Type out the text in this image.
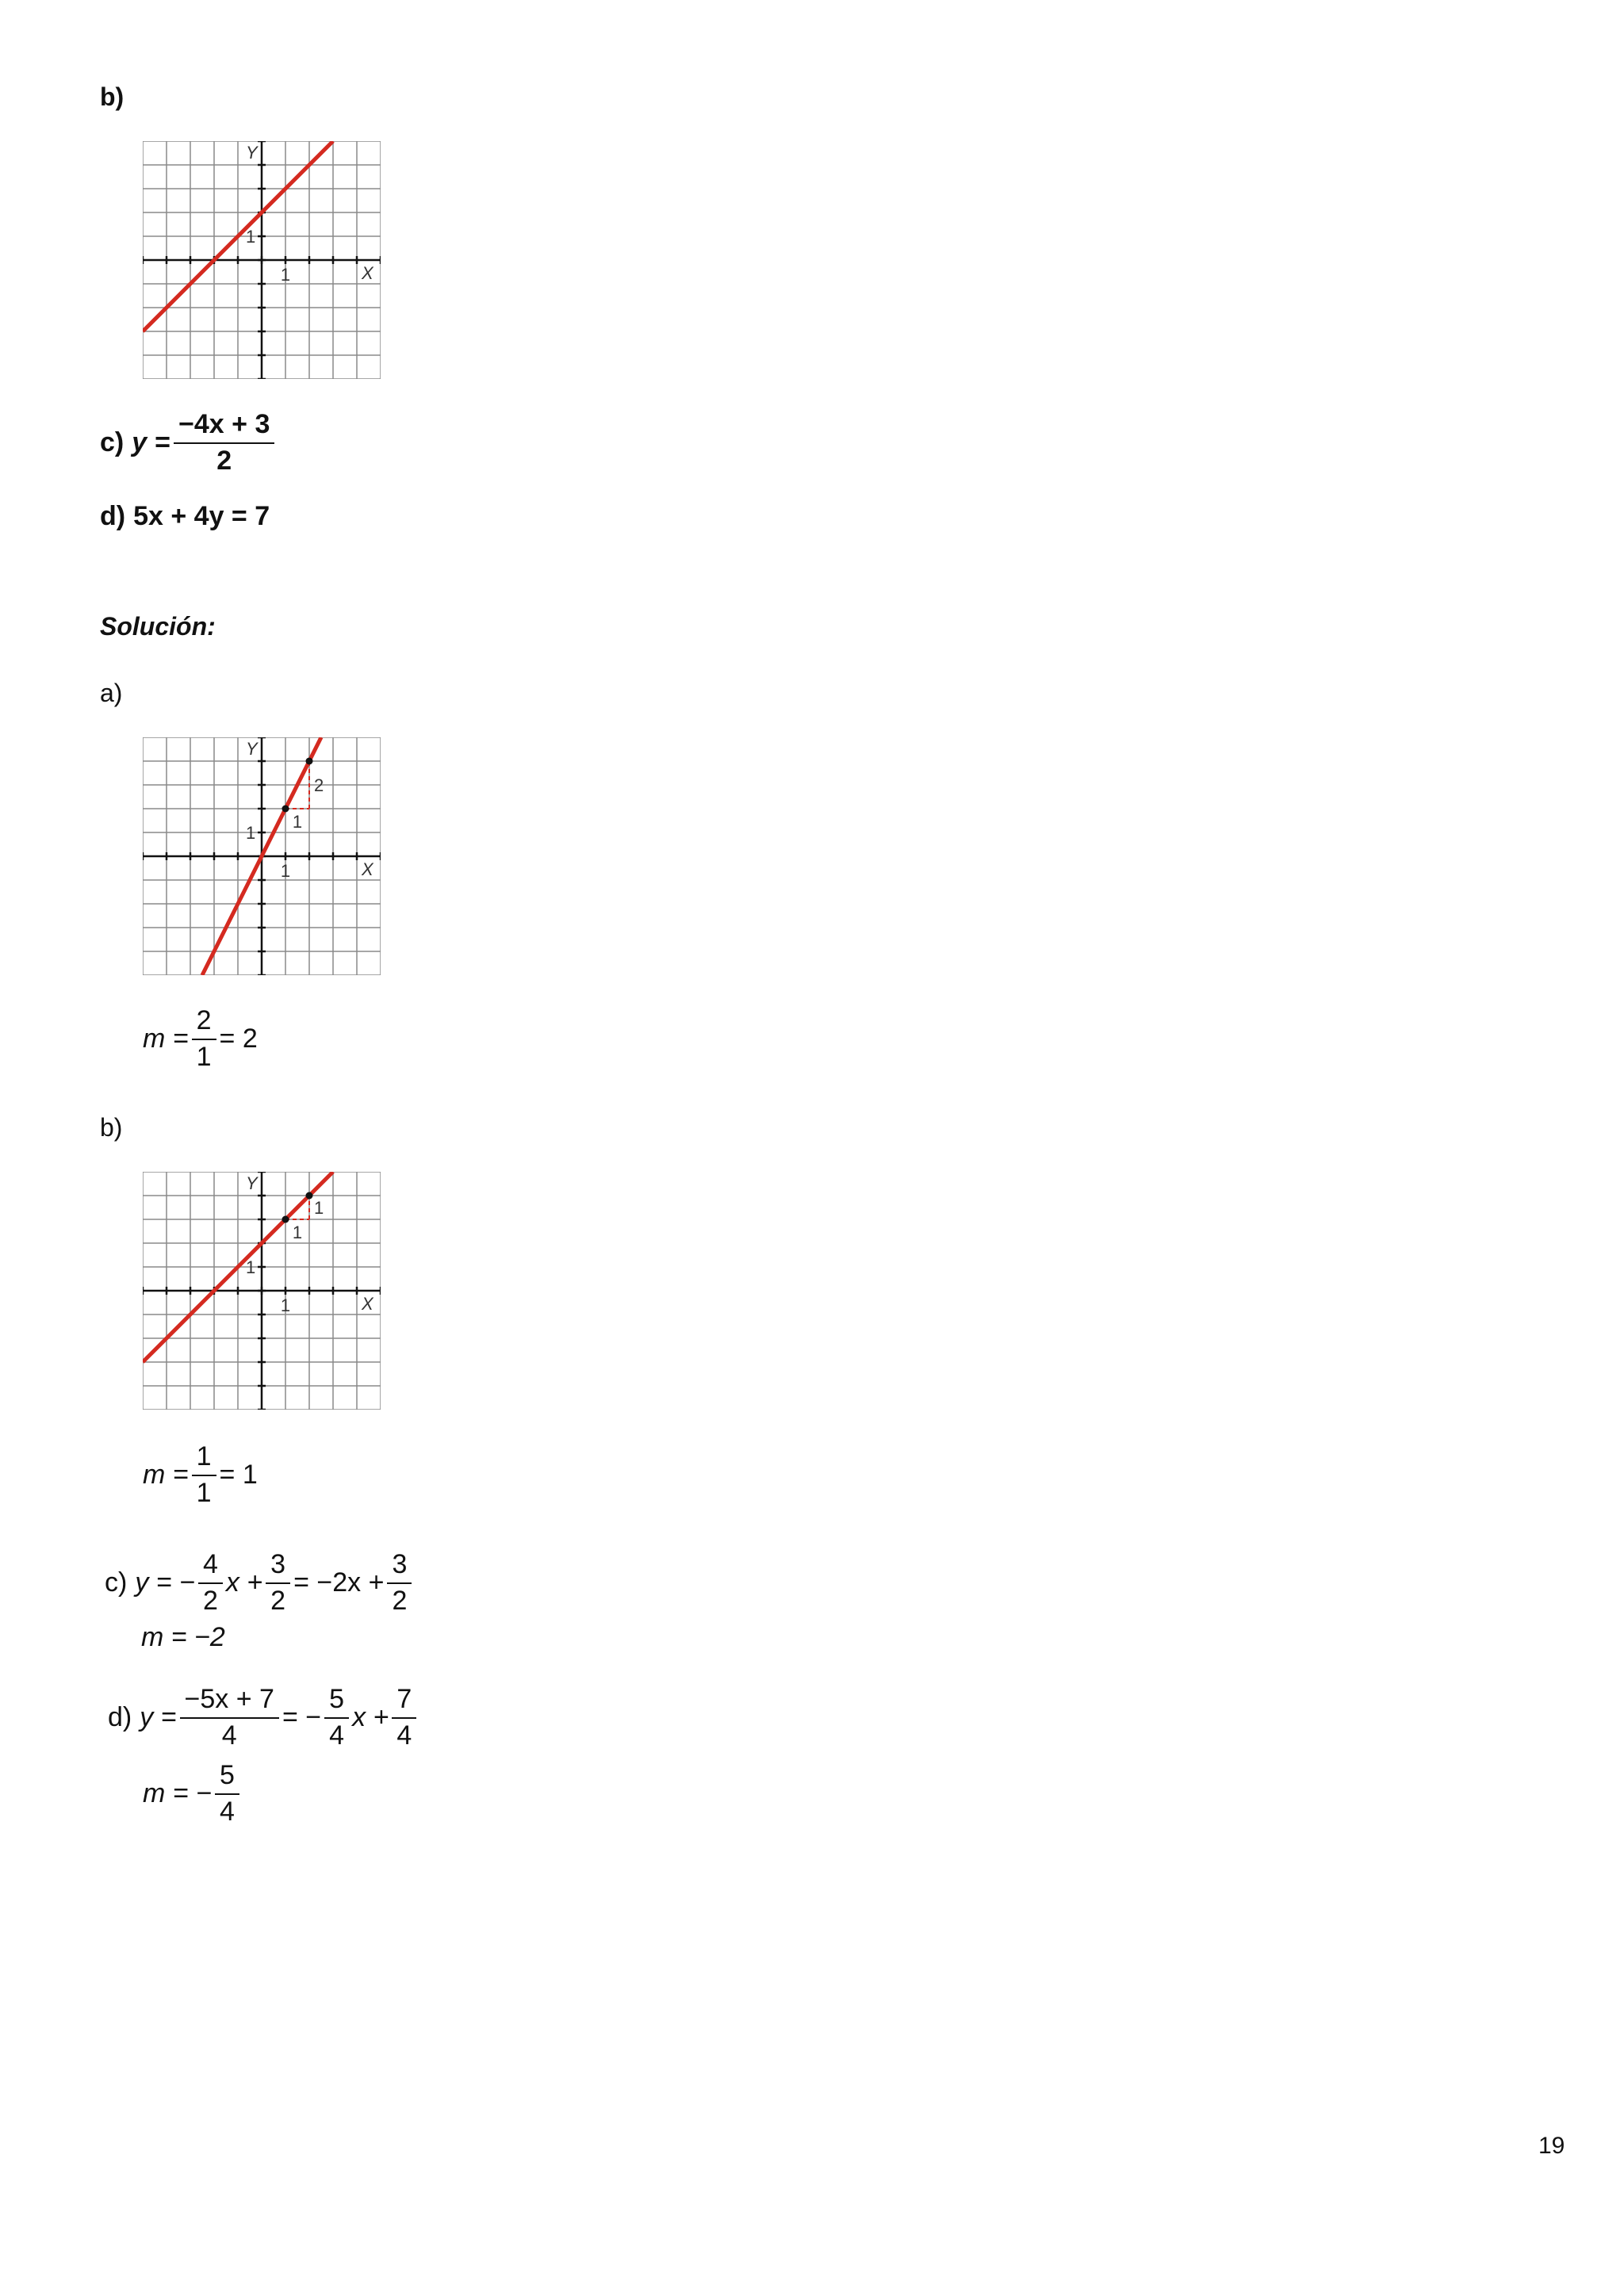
b)
Y
X
1
1
c) $y = \frac{-4x + 3}{2}$
d) 5x + 4y = 7
Solución:
a)
Y
X
1
1
1
2
$m = \frac{2}{1} = 2$
b)
Y
X
1
1
1
1
$m = \frac{1}{1} = 1$
c) y = − $\frac{4}{2}$ $x + \frac{3}{2} = -2x + \frac{3}{2}$
m = −2
d) $y = \frac{-5x + 7}{4}$ = − $\frac{5}{4}$ $x + \frac{7}{4}$
m = − $\frac{5}{4}$
19
